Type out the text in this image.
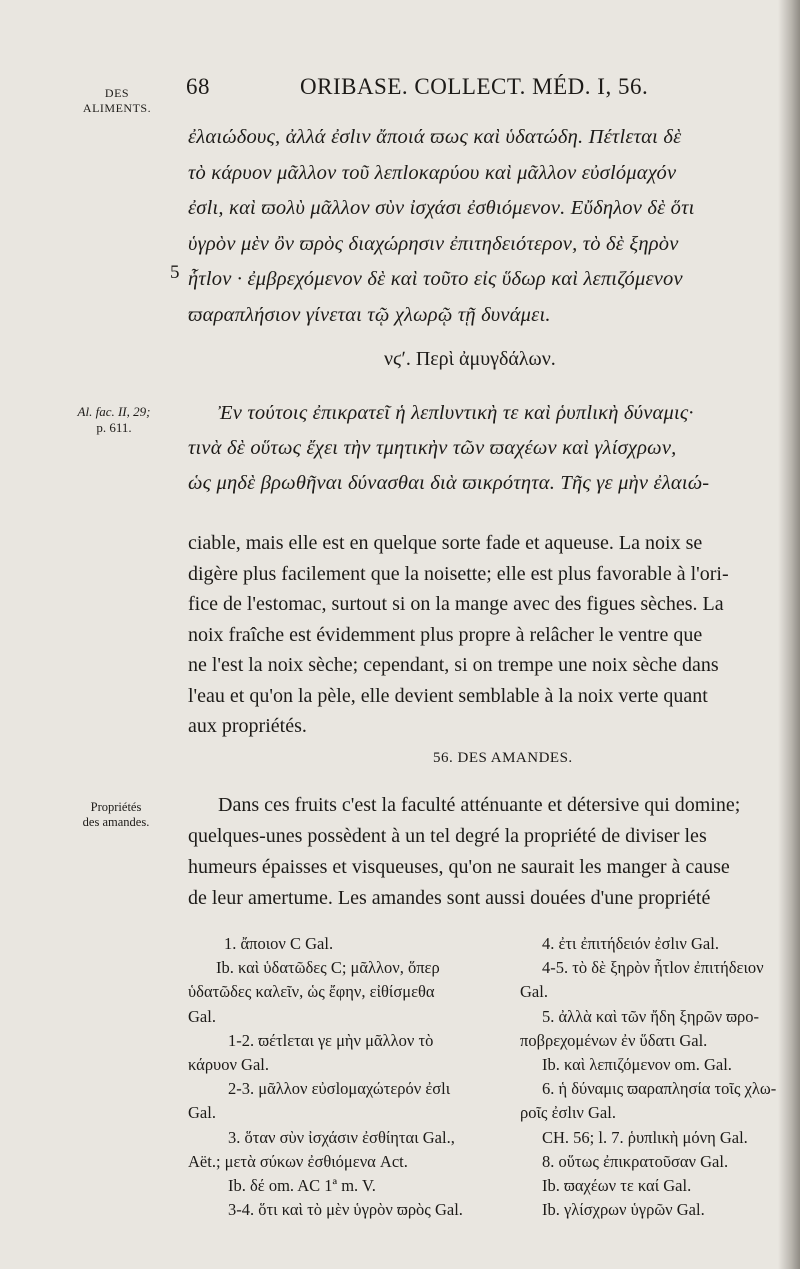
DES ALIMENTS.
68	ORIBASE. COLLECT. MÉD. I, 56.
ἐλαιώδους, ἀλλά ἐσlιν ἄποιά ϖως καὶ ὑδατώδη. Πέτlεται δὲ
τὸ κάρυον μᾶλλον τοῦ λεπlοκαρύου καὶ μᾶλλον εὐσlόμαχόν
ἐσlι, καὶ ϖολὺ μᾶλλον σὺν ἰσχάσι ἐσθιόμενον. Εὔδηλον δὲ ὅτι
ὑγρὸν μὲν ὂν ϖρὸς διαχώρησιν ἐπιτηδειότερον, τὸ δὲ ξηρὸν
ἧτlον · ἐμβρεχόμενον δὲ καὶ τοῦτο εἰς ὕδωρ καὶ λεπιζόμενον
ϖαραπλήσιον γίνεται τῷ χλωρῷ τῇ δυνάμει.
5
νϛʹ. Περὶ ἀμυγδάλων.
Al. fac. II, 29;
p. 611.
Ἐν τούτοις ἐπικρατεῖ ἡ λεπlυντικὴ τε καὶ ῥυπlικὴ δύναμις·
τινὰ δὲ οὕτως ἔχει τὴν τμητικὴν τῶν ϖαχέων καὶ γλίσχρων,
ὡς μηδὲ βρωθῆναι δύνασθαι διὰ ϖικρότητα. Τῆς γε μὴν ἐλαιώ-
ciable, mais elle est en quelque sorte fade et aqueuse. La noix se
digère plus facilement que la noisette; elle est plus favorable à l'ori-
fice de l'estomac, surtout si on la mange avec des figues sèches. La
noix fraîche est évidemment plus propre à relâcher le ventre que
ne l'est la noix sèche; cependant, si on trempe une noix sèche dans
l'eau et qu'on la pèle, elle devient semblable à la noix verte quant
aux propriétés.
56. DES AMANDES.
Propriétés
des amandes.
Dans ces fruits c'est la faculté atténuante et détersive qui domine;
quelques-unes possèdent à un tel degré la propriété de diviser les
humeurs épaisses et visqueuses, qu'on ne saurait les manger à cause
de leur amertume. Les amandes sont aussi douées d'une propriété
1. ἄποιον C Gal.
Ib. καὶ ὑδατῶδες C; μᾶλλον, ὅπερ
ὑδατῶδες καλεῖν, ὡς ἔφην, εἰθίσμεθα
Gal.
1-2. ϖέτlεται γε μὴν μᾶλλον τὸ
κάρυον Gal.
2-3. μᾶλλον εὐσlομαχώτερόν ἐσlι
Gal.
3. ὅταν σὺν ἰσχάσιν ἐσθίηται Gal.,
Aët.; μετὰ σύκων ἐσθιόμενα Act.
Ib. δέ om. AC 1ª m. V.
3-4. ὅτι καὶ τὸ μὲν ὑγρὸν ϖρὸς Gal.
4. ἐτι ἐπιτήδειόν ἐσlιν Gal.
4-5. τὸ δὲ ξηρὸν ἧτlον ἐπιτήδειον
Gal.
5. ἀλλὰ καὶ τῶν ἤδη ξηρῶν ϖρο-
ποβρεχομένων ἐν ὕδατι Gal.
Ib. καὶ λεπιζόμενον om. Gal.
6. ἡ δύναμις ϖαραπλησία τοῖς χλω-
ροῖς ἐσlιν Gal.
CH. 56; l. 7. ῥυπlικὴ μόνη Gal.
8. οὕτως ἐπικρατοῦσαν Gal.
Ib. ϖαχέων τε καί Gal.
Ib. γλίσχρων ὑγρῶν Gal.
